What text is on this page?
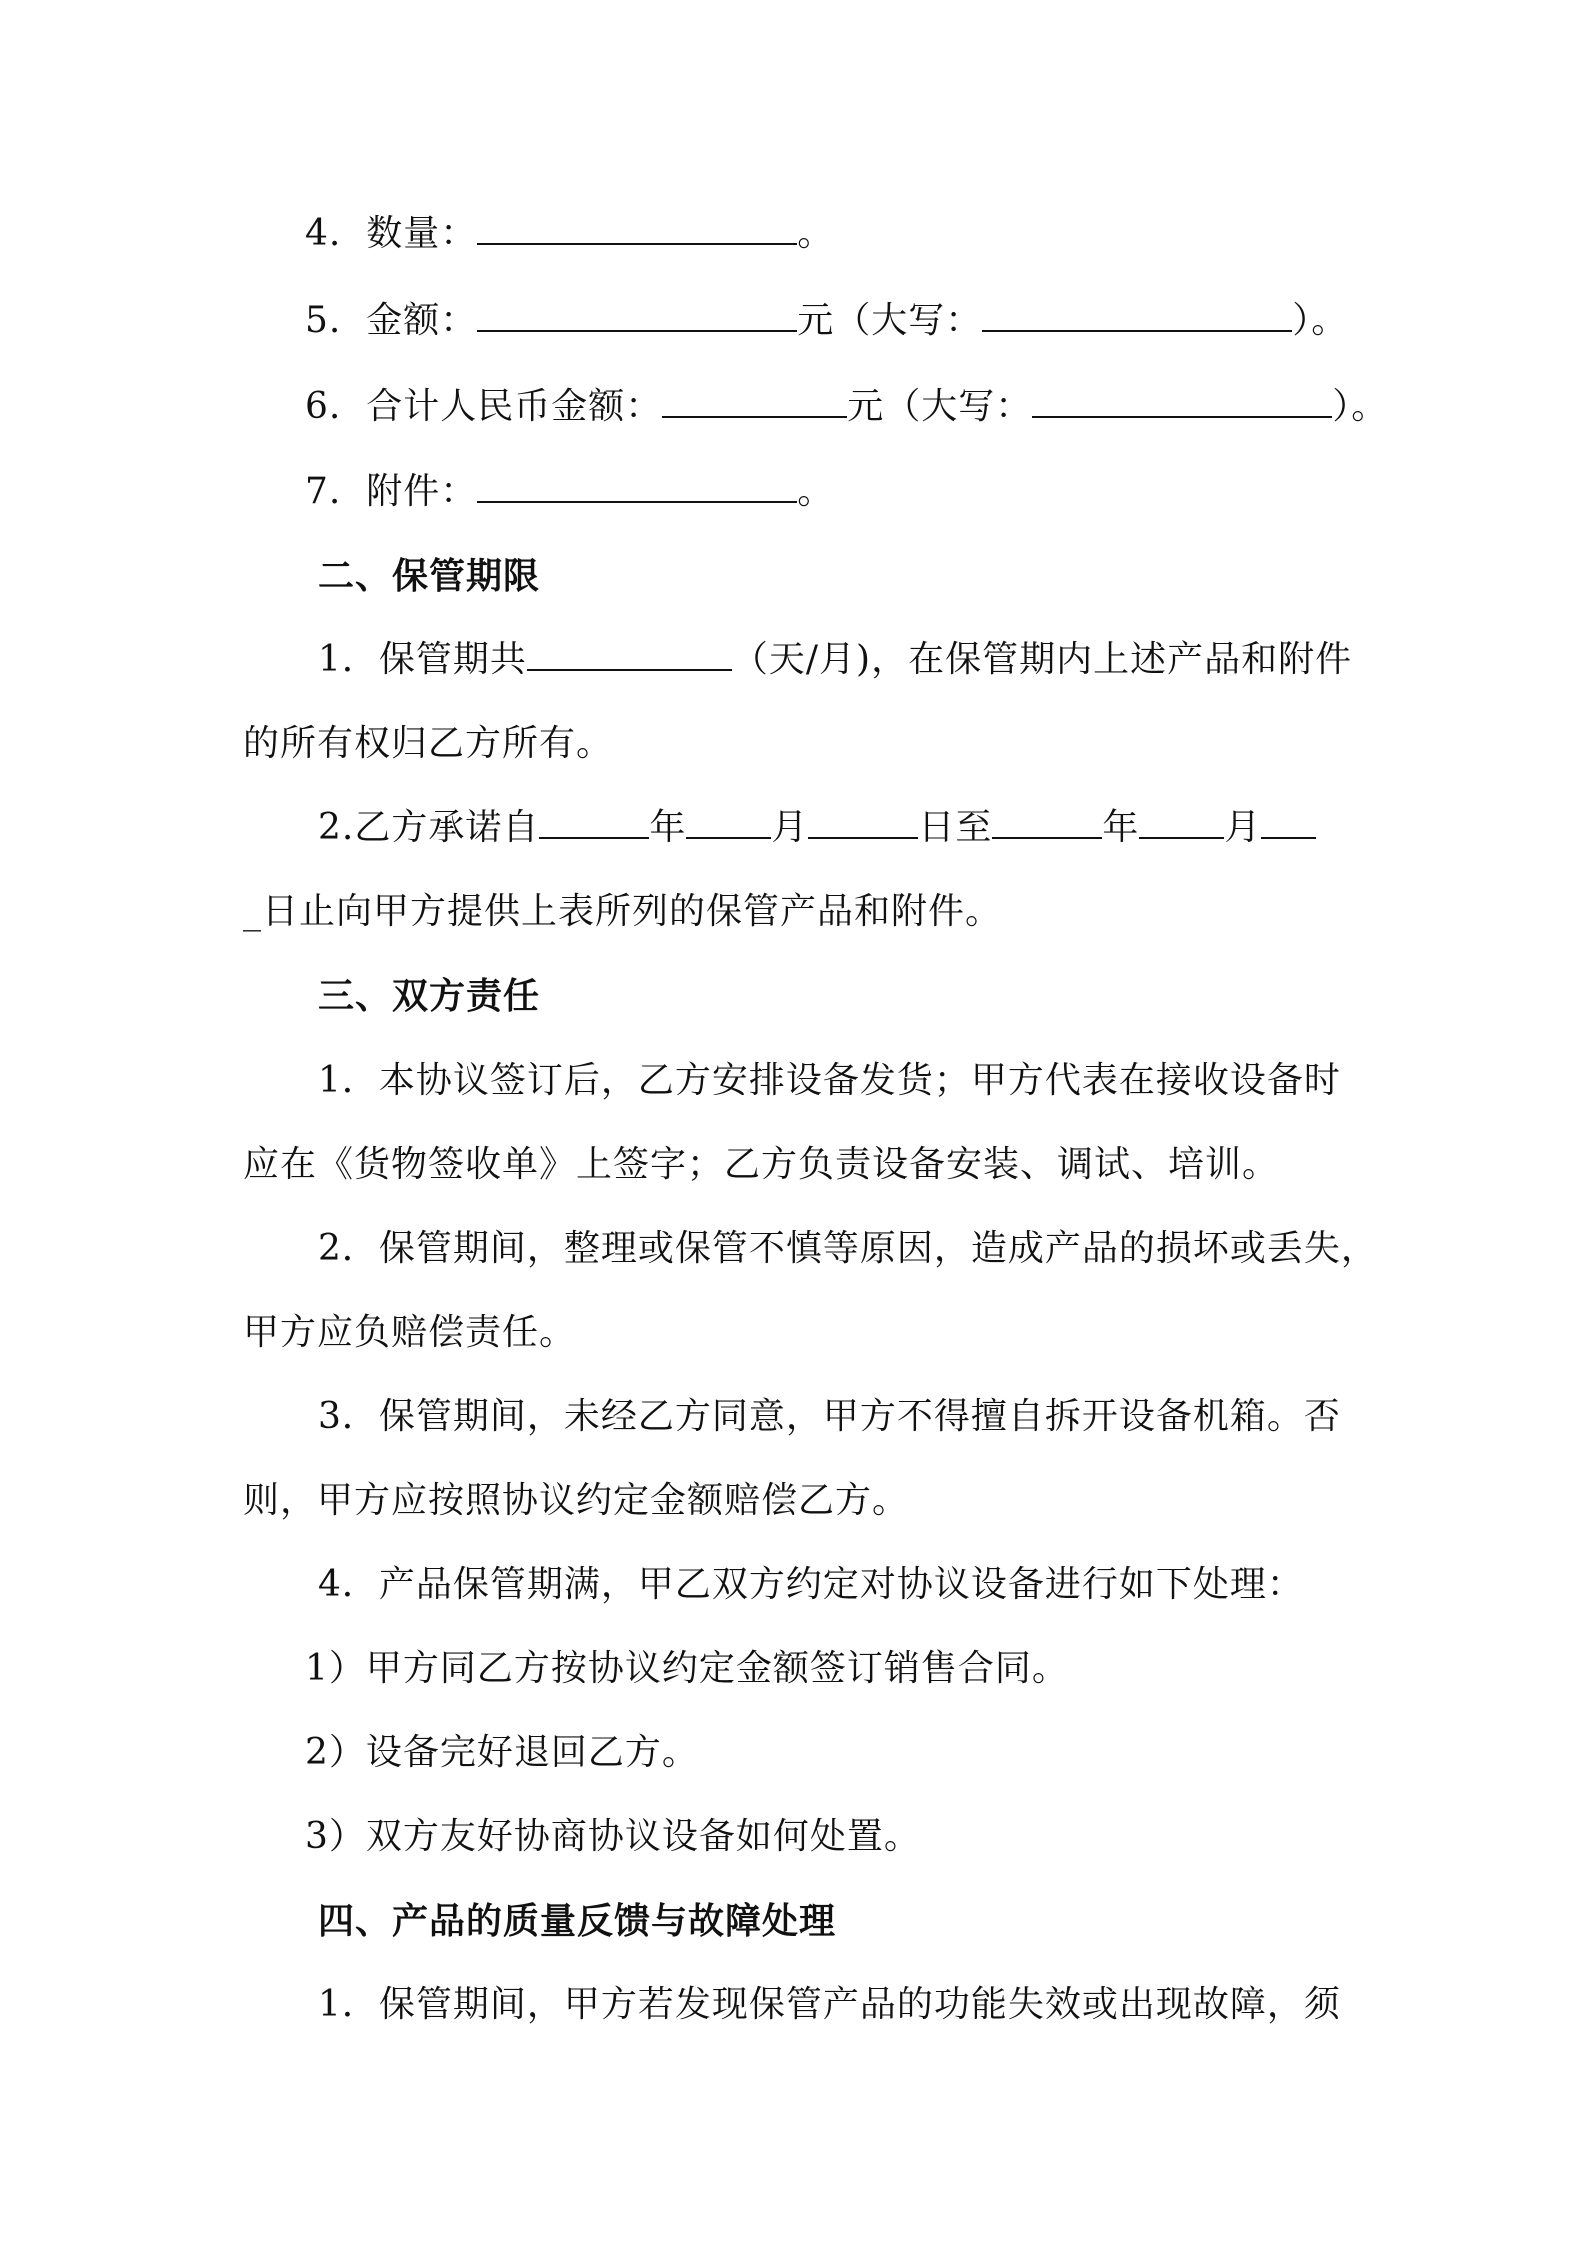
4. 数量：	。
5. 金额：	元（大写：	）。
6. 合计人民币金额：	元（大写：	）。
7. 附件：	。
二、保管期限
1．保管期共	（天/月)，在保管期内上述产品和附件
的所有权归乙方所有。
2.乙方承诺自	年 月	日至	年 月
_日止向甲方提供上表所列的保管产品和附件。
三、双方责任
1．本协议签订后，乙方安排设备发货；甲方代表在接收设备时
应在《货物签收单》上签字；乙方负责设备安装、调试、培训。
2．保管期间，整理或保管不慎等原因，造成产品的损坏或丢失，
甲方应负赔偿责任。
3．保管期间，未经乙方同意，甲方不得擅自拆开设备机箱。否
则，甲方应按照协议约定金额赔偿乙方。
4．产品保管期满，甲乙双方约定对协议设备进行如下处理：
1）甲方同乙方按协议约定金额签订销售合同。
2）设备完好退回乙方。
3）双方友好协商协议设备如何处置。
四、产品的质量反馈与故障处理
1．保管期间，甲方若发现保管产品的功能失效或出现故障，须
